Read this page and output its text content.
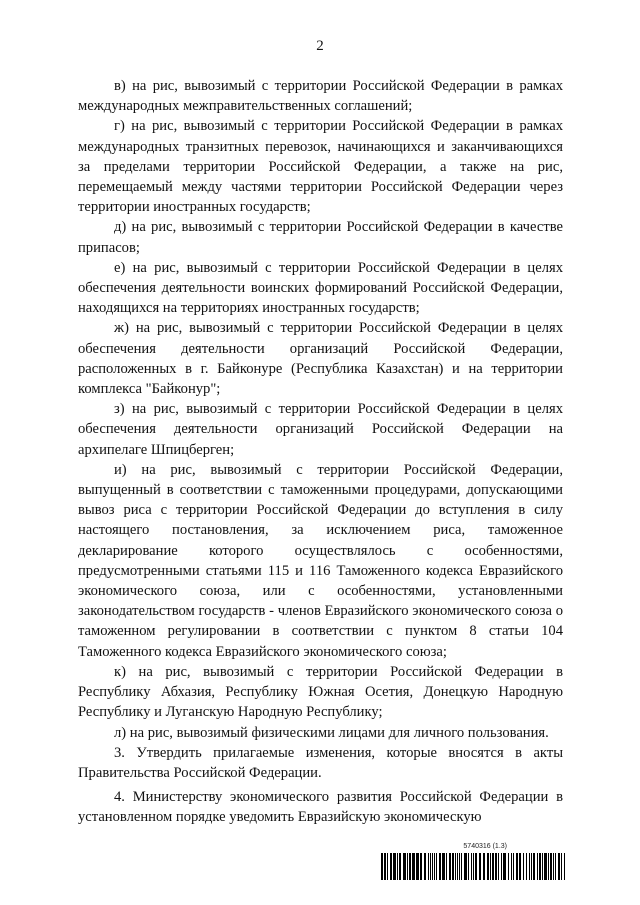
2

в) на рис, вывозимый с территории Российской Федерации в рамках международных межправительственных соглашений;

г) на рис, вывозимый с территории Российской Федерации в рамках международных транзитных перевозок, начинающихся и заканчивающихся за пределами территории Российской Федерации, а также на рис, перемещаемый между частями территории Российской Федерации через территории иностранных государств;

д) на рис, вывозимый с территории Российской Федерации в качестве припасов;

е) на рис, вывозимый с территории Российской Федерации в целях обеспечения деятельности воинских формирований Российской Федерации, находящихся на территориях иностранных государств;

ж) на рис, вывозимый с территории Российской Федерации в целях обеспечения деятельности организаций Российской Федерации, расположенных в г. Байконуре (Республика Казахстан) и на территории комплекса "Байконур";

з) на рис, вывозимый с территории Российской Федерации в целях обеспечения деятельности организаций Российской Федерации на архипелаге Шпицберген;

и) на рис, вывозимый с территории Российской Федерации, выпущенный в соответствии с таможенными процедурами, допускающими вывоз риса с территории Российской Федерации до вступления в силу настоящего постановления, за исключением риса, таможенное декларирование которого осуществлялось с особенностями, предусмотренными статьями 115 и 116 Таможенного кодекса Евразийского экономического союза, или с особенностями, установленными законодательством государств - членов Евразийского экономического союза о таможенном регулировании в соответствии с пунктом 8 статьи 104 Таможенного кодекса Евразийского экономического союза;

к) на рис, вывозимый с территории Российской Федерации в Республику Абхазия, Республику Южная Осетия, Донецкую Народную Республику и Луганскую Народную Республику;

л) на рис, вывозимый физическими лицами для личного пользования.

3. Утвердить прилагаемые изменения, которые вносятся в акты Правительства Российской Федерации.

4. Министерству экономического развития Российской Федерации в установленном порядке уведомить Евразийскую экономическую

5740316 (1.3)
